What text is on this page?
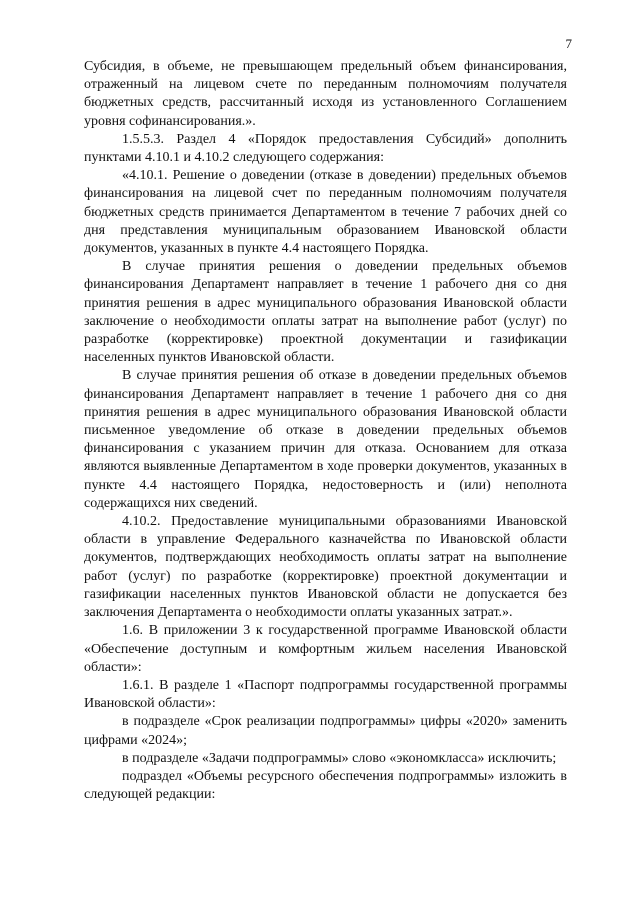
7

Субсидия, в объеме, не превышающем предельный объем финансирования, отраженный на лицевом счете по переданным полномочиям получателя бюджетных средств, рассчитанный исходя из установленного Соглашением уровня софинансирования.».

1.5.5.3. Раздел 4 «Порядок предоставления Субсидий» дополнить пунктами 4.10.1 и 4.10.2 следующего содержания:

«4.10.1. Решение о доведении (отказе в доведении) предельных объемов финансирования на лицевой счет по переданным полномочиям получателя бюджетных средств принимается Департаментом в течение 7 рабочих дней со дня представления муниципальным образованием Ивановской области документов, указанных в пункте 4.4 настоящего Порядка.

В случае принятия решения о доведении предельных объемов финансирования Департамент направляет в течение 1 рабочего дня со дня принятия решения в адрес муниципального образования Ивановской области заключение о необходимости оплаты затрат на выполнение работ (услуг) по разработке (корректировке) проектной документации и газификации населенных пунктов Ивановской области.

В случае принятия решения об отказе в доведении предельных объемов финансирования Департамент направляет в течение 1 рабочего дня со дня принятия решения в адрес муниципального образования Ивановской области письменное уведомление об отказе в доведении предельных объемов финансирования с указанием причин для отказа. Основанием для отказа являются выявленные Департаментом в ходе проверки документов, указанных в пункте 4.4 настоящего Порядка, недостоверность и (или) неполнота содержащихся них сведений.

4.10.2. Предоставление муниципальными образованиями Ивановской области в управление Федерального казначейства по Ивановской области документов, подтверждающих необходимость оплаты затрат на выполнение работ (услуг) по разработке (корректировке) проектной документации и газификации населенных пунктов Ивановской области не допускается без заключения Департамента о необходимости оплаты указанных затрат.».

1.6. В приложении 3 к государственной программе Ивановской области «Обеспечение доступным и комфортным жильем населения Ивановской области»:

1.6.1. В разделе 1 «Паспорт подпрограммы государственной программы Ивановской области»:

в подразделе «Срок реализации подпрограммы» цифры «2020» заменить цифрами «2024»;

в подразделе «Задачи подпрограммы» слово «экономкласса» исключить;

подраздел «Объемы ресурсного обеспечения подпрограммы» изложить в следующей редакции:
